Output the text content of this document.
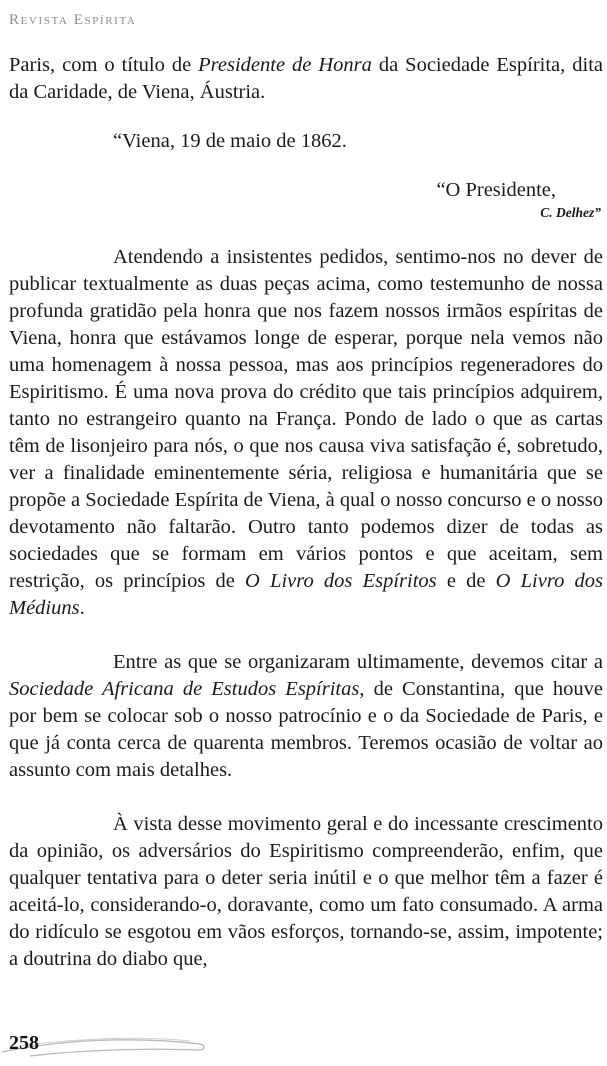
Revista Espírita

Paris, com o título de Presidente de Honra da Sociedade Espírita, dita da Caridade, de Viena, Áustria.

“Viena, 19 de maio de 1862.

“O Presidente,
C. Delhez”

Atendendo a insistentes pedidos, sentimo-nos no dever de publicar textualmente as duas peças acima, como testemunho de nossa profunda gratidão pela honra que nos fazem nossos irmãos espíritas de Viena, honra que estávamos longe de esperar, porque nela vemos não uma homenagem à nossa pessoa, mas aos princípios regeneradores do Espiritismo. É uma nova prova do crédito que tais princípios adquirem, tanto no estrangeiro quanto na França. Pondo de lado o que as cartas têm de lisonjeiro para nós, o que nos causa viva satisfação é, sobretudo, ver a finalidade eminentemente séria, religiosa e humanitária que se propõe a Sociedade Espírita de Viena, à qual o nosso concurso e o nosso devotamento não faltarão. Outro tanto podemos dizer de todas as sociedades que se formam em vários pontos e que aceitam, sem restrição, os princípios de O Livro dos Espíritos e de O Livro dos Médiuns.

Entre as que se organizaram ultimamente, devemos citar a Sociedade Africana de Estudos Espíritas, de Constantina, que houve por bem se colocar sob o nosso patrocínio e o da Sociedade de Paris, e que já conta cerca de quarenta membros. Teremos ocasião de voltar ao assunto com mais detalhes.

À vista desse movimento geral e do incessante crescimento da opinião, os adversários do Espiritismo compreenderão, enfim, que qualquer tentativa para o deter seria inútil e o que melhor têm a fazer é aceitá-lo, considerando-o, doravante, como um fato consumado. A arma do ridículo se esgotou em vãos esforços, tornando-se, assim, impotente; a doutrina do diabo que,

258
